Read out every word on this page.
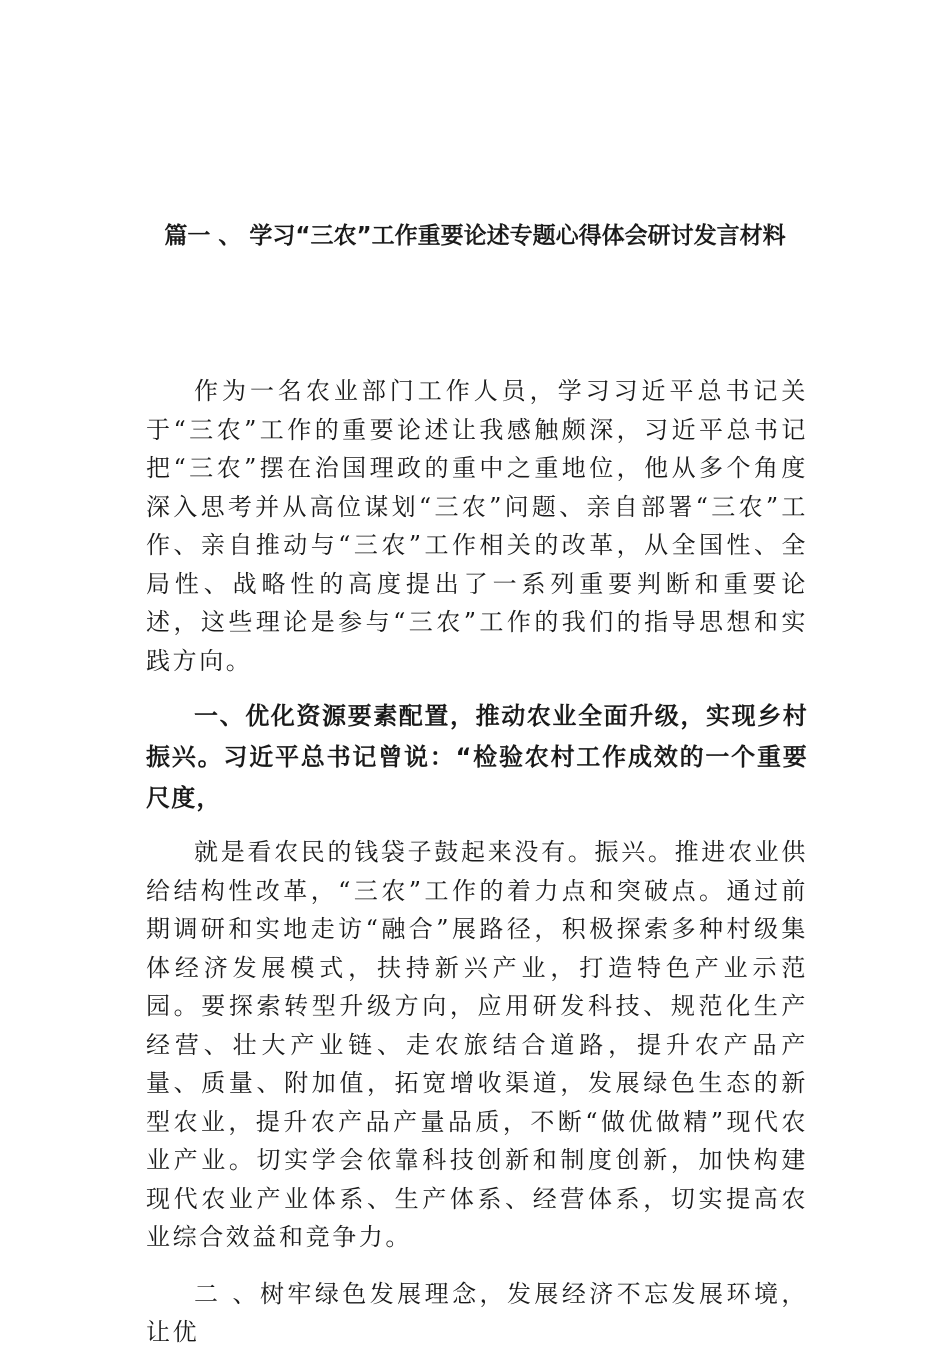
篇一 、 学习“三农”工作重要论述专题心得体会研讨发言材料

作为一名农业部门工作人员，学习习近平总书记关于“三农”工作的重要论述让我感触颇深，习近平总书记把“三农”摆在治国理政的重中之重地位，他从多个角度深入思考并从高位谋划“三农”问题、亲自部署“三农”工作、亲自推动与“三农”工作相关的改革，从全国性、全局性、战略性的高度提出了一系列重要判断和重要论述，这些理论是参与“三农”工作的我们的指导思想和实践方向。

一、优化资源要素配置，推动农业全面升级，实现乡村振兴。习近平总书记曾说：“检验农村工作成效的一个重要尺度，

就是看农民的钱袋子鼓起来没有。振兴。推进农业供给结构性改革，“三农”工作的着力点和突破点。通过前期调研和实地走访“融合”展路径，积极探索多种村级集体经济发展模式，扶持新兴产业，打造特色产业示范园。要探索转型升级方向，应用研发科技、规范化生产经营、壮大产业链、走农旅结合道路，提升农产品产量、质量、附加值，拓宽增收渠道，发展绿色生态的新型农业，提升农产品产量品质，不断“做优做精”现代农业产业。切实学会依靠科技创新和制度创新，加快构建现代农业产业体系、生产体系、经营体系，切实提高农业综合效益和竞争力。

二 、树牢绿色发展理念，发展经济不忘发展环境，让优
